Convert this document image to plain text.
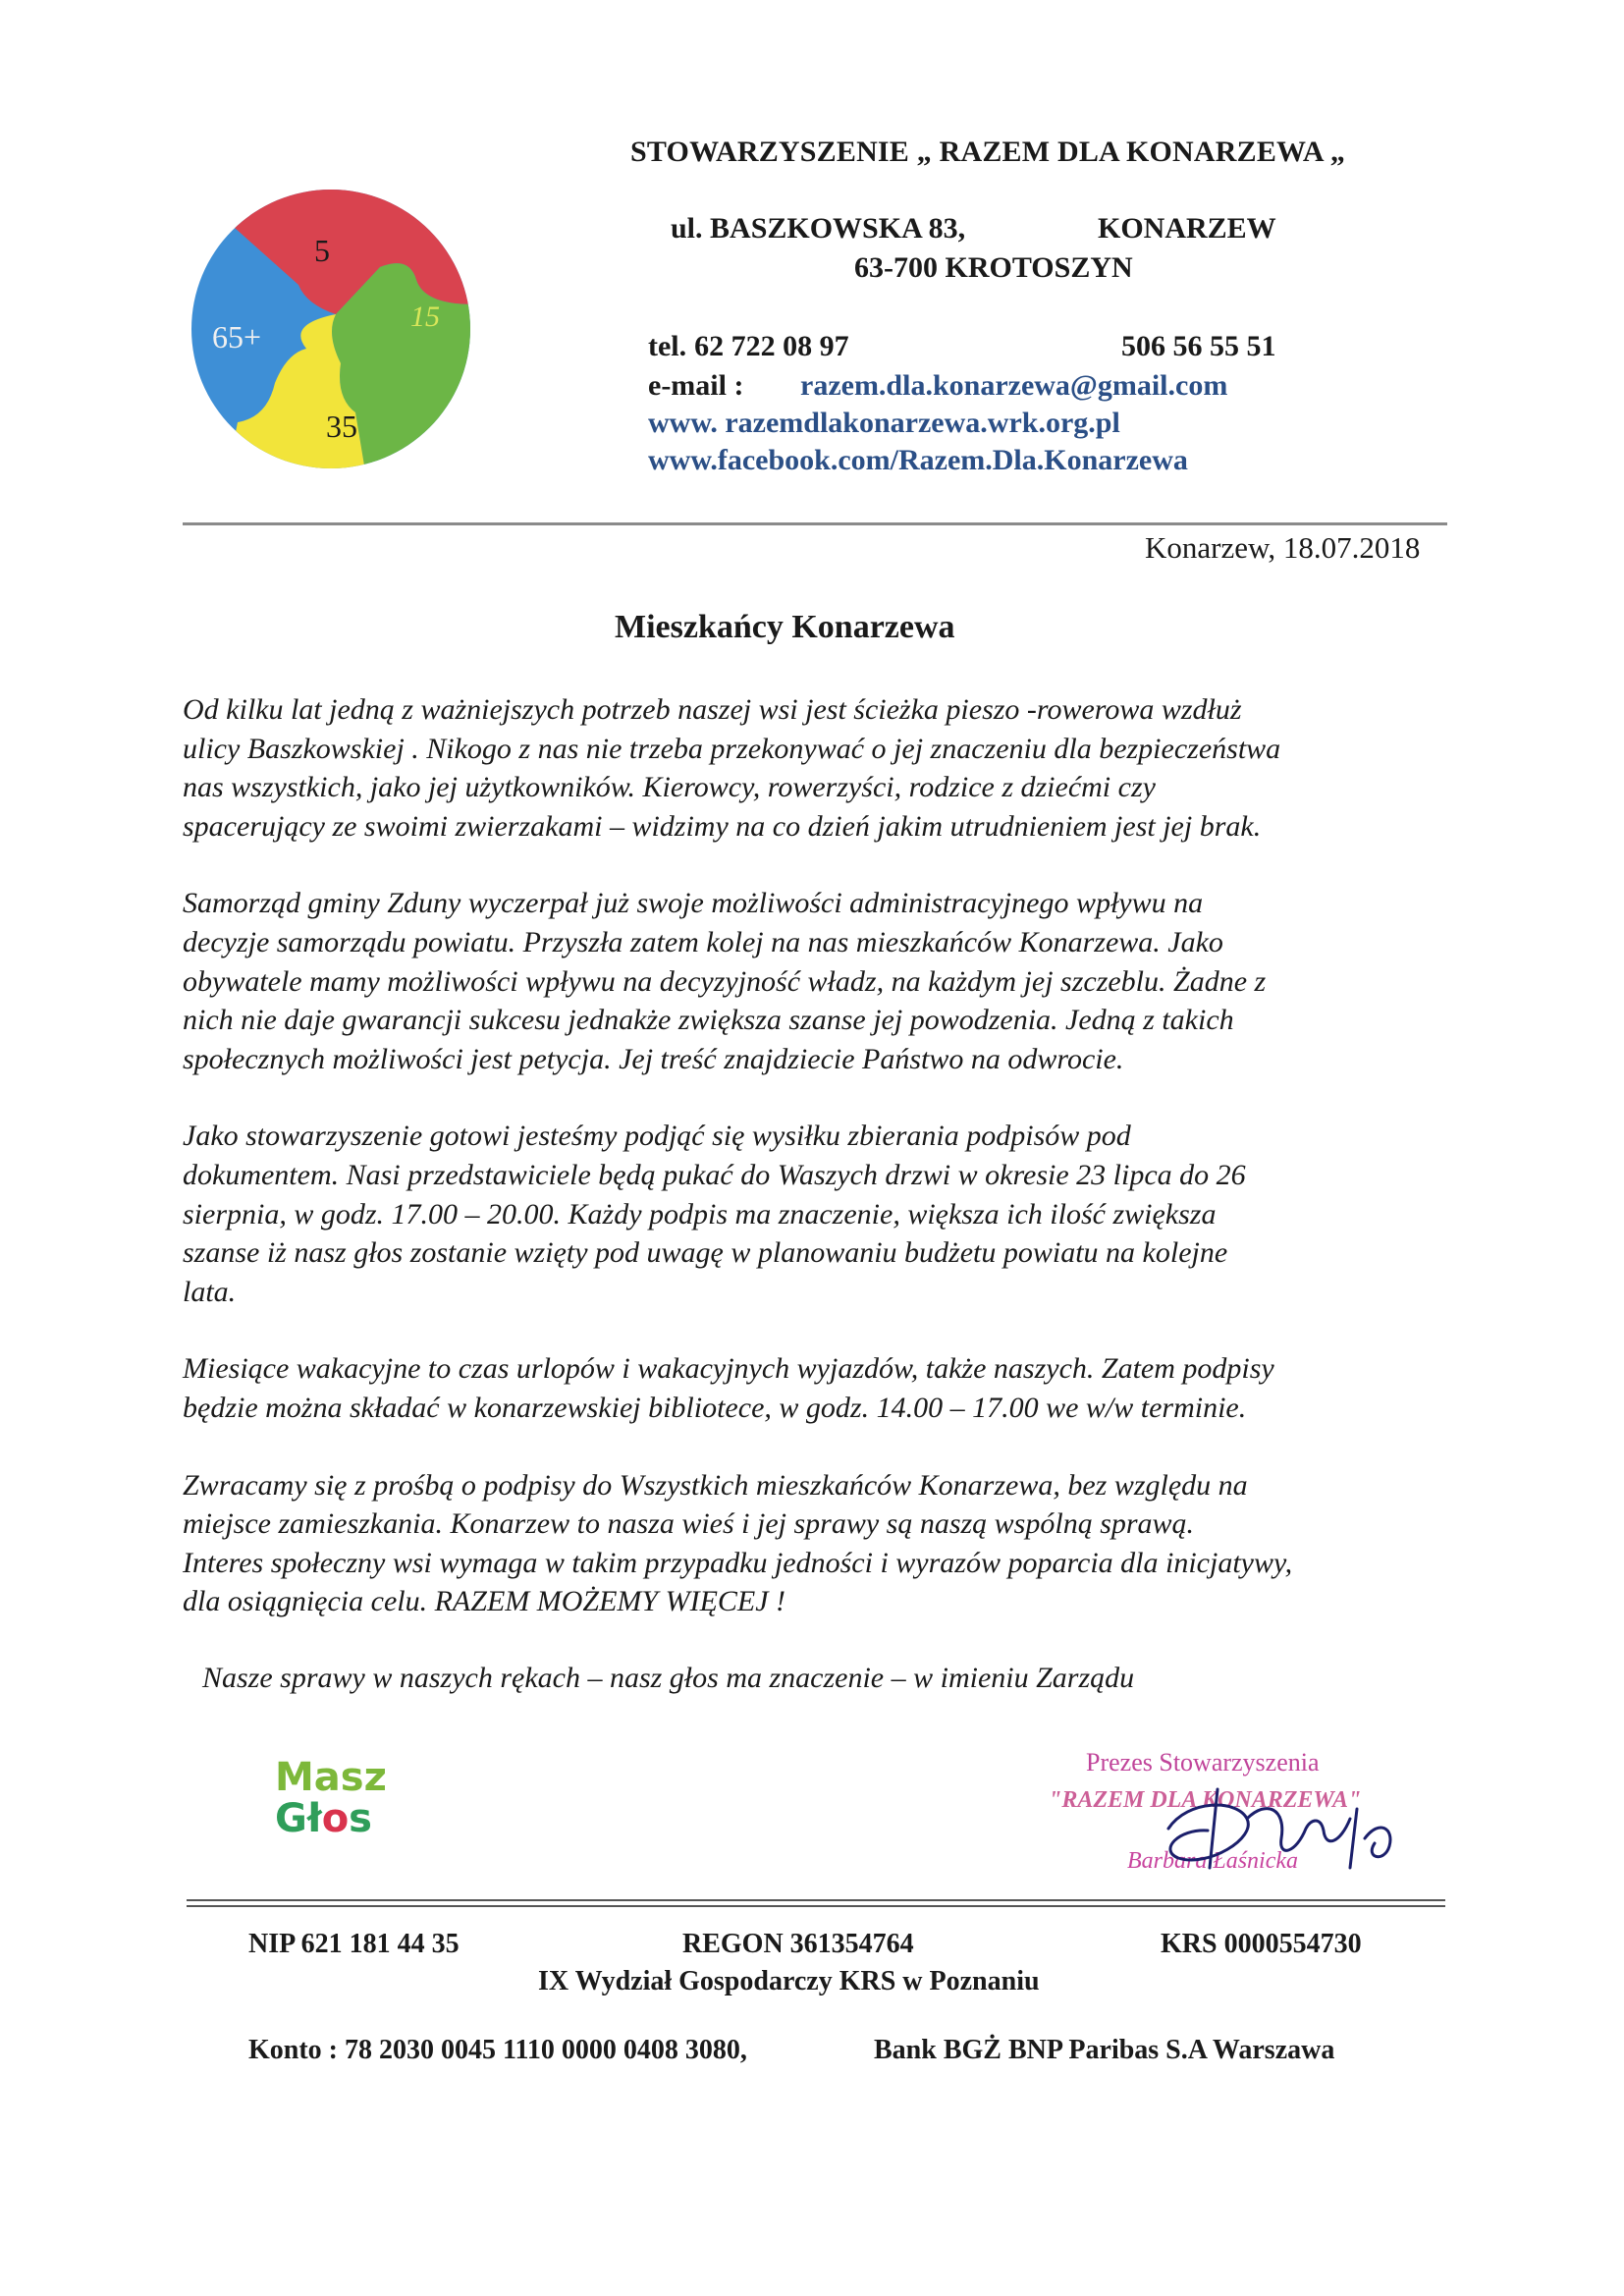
5
15
35
65+
STOWARZYSZENIE „ RAZEM DLA KONARZEWA „
ul. BASZKOWSKA 83,	KONARZEW
63-700 KROTOSZYN
tel. 62 722 08 97	506 56 55 51
e-mail : razem.dla.konarzewa@gmail.com
www. razemdlakonarzewa.wrk.org.pl
www.facebook.com/Razem.Dla.Konarzewa
Konarzew, 18.07.2018
Mieszkańcy Konarzewa

Od kilku lat jedną z ważniejszych potrzeb naszej wsi jest ścieżka pieszo -rowerowa wzdłuż
ulicy Baszkowskiej . Nikogo z nas nie trzeba przekonywać o jej znaczeniu dla bezpieczeństwa
nas wszystkich, jako jej użytkowników. Kierowcy, rowerzyści, rodzice z dziećmi czy
spacerujący ze swoimi zwierzakami – widzimy na co dzień jakim utrudnieniem jest jej brak.

Samorząd gminy Zduny wyczerpał już swoje możliwości administracyjnego wpływu na
decyzje samorządu powiatu. Przyszła zatem kolej na nas mieszkańców Konarzewa. Jako
obywatele mamy możliwości wpływu na decyzyjność władz, na każdym jej szczeblu. Żadne z
nich nie daje gwarancji sukcesu jednakże zwiększa szanse jej powodzenia. Jedną z takich
społecznych możliwości jest petycja. Jej treść znajdziecie Państwo na odwrocie.

Jako stowarzyszenie gotowi jesteśmy podjąć się wysiłku zbierania podpisów pod
dokumentem. Nasi przedstawiciele będą pukać do Waszych drzwi w okresie 23 lipca do 26
sierpnia, w godz. 17.00 – 20.00. Każdy podpis ma znaczenie, większa ich ilość zwiększa
szanse iż nasz głos zostanie wzięty pod uwagę w planowaniu budżetu powiatu na kolejne
lata.

Miesiące wakacyjne to czas urlopów i wakacyjnych wyjazdów, także naszych. Zatem podpisy
będzie można składać w konarzewskiej bibliotece, w godz. 14.00 – 17.00 we w/w terminie.

Zwracamy się z prośbą o podpisy do Wszystkich mieszkańców Konarzewa, bez względu na
miejsce zamieszkania. Konarzew to nasza wieś i jej sprawy są naszą wspólną sprawą.
Interes społeczny wsi wymaga w takim przypadku jedności i wyrazów poparcia dla inicjatywy,
dla osiągnięcia celu. RAZEM MOŻEMY WIĘCEJ !

Nasze sprawy w naszych rękach – nasz głos ma znaczenie – w imieniu Zarządu
Masz
Głos
Prezes Stowarzyszenia
"RAZEM DLA KONARZEWA"
Barbara Łaśnicka
NIP 621 181 44 35	REGON 361354764	KRS 0000554730
IX Wydział Gospodarczy KRS w Poznaniu
Konto : 78 2030 0045 1110 0000 0408 3080,	Bank BGŻ BNP Paribas S.A Warszawa
